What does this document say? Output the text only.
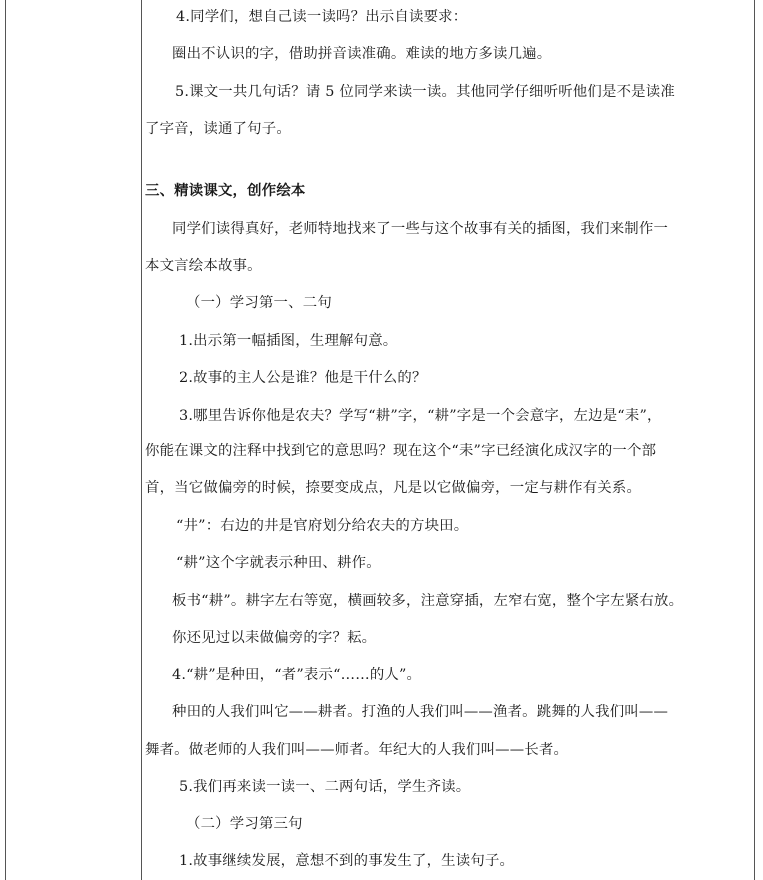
4.同学们，想自己读一读吗？出示自读要求：
圈出不认识的字，借助拼音读准确。难读的地方多读几遍。
5.课文一共几句话？请 5 位同学来读一读。其他同学仔细听听他们是不是读准
了字音，读通了句子。
三、精读课文，创作绘本
同学们读得真好，老师特地找来了一些与这个故事有关的插图，我们来制作一
本文言绘本故事。
（一）学习第一、二句
1.出示第一幅插图，生理解句意。
2.故事的主人公是谁？他是干什么的？
3.哪里告诉你他是农夫？学写“耕”字，“耕”字是一个会意字，左边是“耒”，
你能在课文的注释中找到它的意思吗？现在这个“耒”字已经演化成汉字的一个部
首，当它做偏旁的时候，捺要变成点，凡是以它做偏旁，一定与耕作有关系。
“井”：右边的井是官府划分给农夫的方块田。
“耕”这个字就表示种田、耕作。
板书“耕”。耕字左右等宽，横画较多，注意穿插，左窄右宽，整个字左紧右放。
你还见过以耒做偏旁的字？耘。
4.“耕”是种田，“者”表示“……的人”。
种田的人我们叫它——耕者。打渔的人我们叫——渔者。跳舞的人我们叫——
舞者。做老师的人我们叫——师者。年纪大的人我们叫——长者。
5.我们再来读一读一、二两句话，学生齐读。
（二）学习第三句
1.故事继续发展，意想不到的事发生了，生读句子。
